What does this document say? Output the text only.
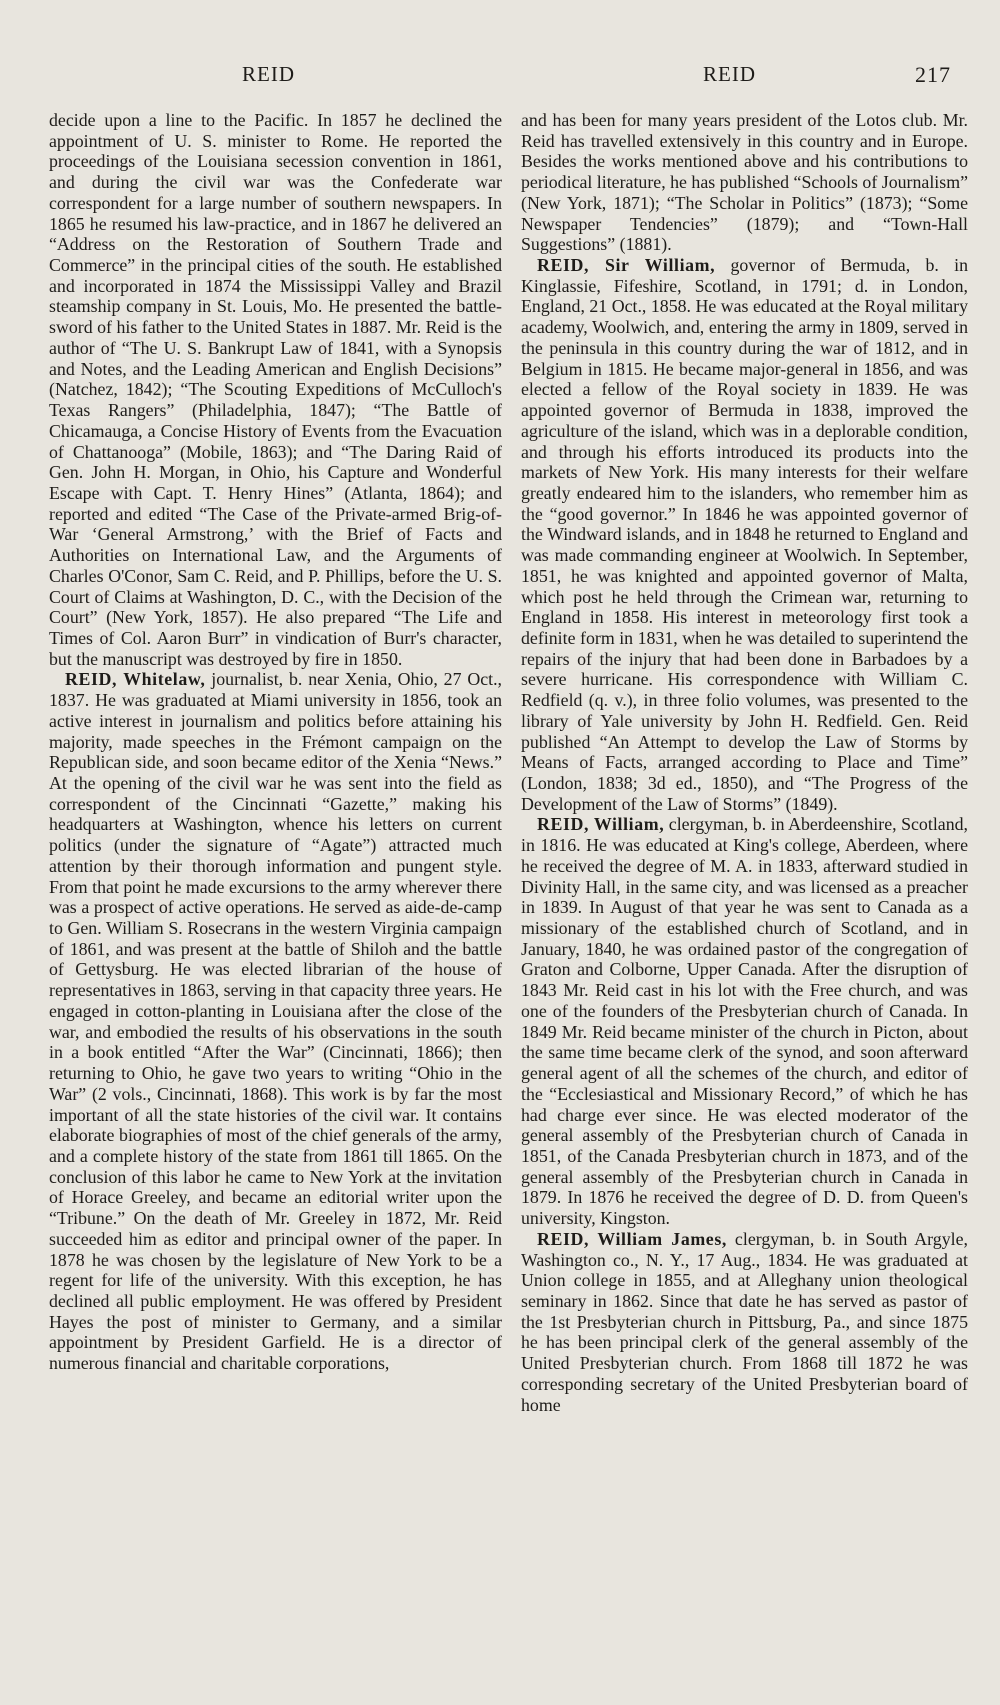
REID	REID	217

decide upon a line to the Pacific. In 1857 he declined the appointment of U. S. minister to Rome. He reported the proceedings of the Louisiana secession convention in 1861, and during the civil war was the Confederate war correspondent for a large number of southern newspapers. In 1865 he resumed his law-practice, and in 1867 he delivered an “Address on the Restoration of Southern Trade and Commerce” in the principal cities of the south. He established and incorporated in 1874 the Mississippi Valley and Brazil steamship company in St. Louis, Mo. He presented the battle-sword of his father to the United States in 1887. Mr. Reid is the author of “The U. S. Bankrupt Law of 1841, with a Synopsis and Notes, and the Leading American and English Decisions” (Natchez, 1842); “The Scouting Expeditions of McCulloch's Texas Rangers” (Philadelphia, 1847); “The Battle of Chicamauga, a Concise History of Events from the Evacuation of Chattanooga” (Mobile, 1863); and “The Daring Raid of Gen. John H. Morgan, in Ohio, his Capture and Wonderful Escape with Capt. T. Henry Hines” (Atlanta, 1864); and reported and edited “The Case of the Private-armed Brig-of-War ‘General Armstrong,’ with the Brief of Facts and Authorities on International Law, and the Arguments of Charles O'Conor, Sam C. Reid, and P. Phillips, before the U. S. Court of Claims at Washington, D. C., with the Decision of the Court” (New York, 1857). He also prepared “The Life and Times of Col. Aaron Burr” in vindication of Burr's character, but the manuscript was destroyed by fire in 1850.

REID, Whitelaw, journalist, b. near Xenia, Ohio, 27 Oct., 1837. He was graduated at Miami university in 1856, took an active interest in journalism and politics before attaining his majority, made speeches in the Frémont campaign on the Republican side, and soon became editor of the Xenia “News.” At the opening of the civil war he was sent into the field as correspondent of the Cincinnati “Gazette,” making his headquarters at Washington, whence his letters on current politics (under the signature of “Agate”) attracted much attention by their thorough information and pungent style. From that point he made excursions to the army wherever there was a prospect of active operations. He served as aide-de-camp to Gen. William S. Rosecrans in the western Virginia campaign of 1861, and was present at the battle of Shiloh and the battle of Gettysburg. He was elected librarian of the house of representatives in 1863, serving in that capacity three years. He engaged in cotton-planting in Louisiana after the close of the war, and embodied the results of his observations in the south in a book entitled “After the War” (Cincinnati, 1866); then returning to Ohio, he gave two years to writing “Ohio in the War” (2 vols., Cincinnati, 1868). This work is by far the most important of all the state histories of the civil war. It contains elaborate biographies of most of the chief generals of the army, and a complete history of the state from 1861 till 1865. On the conclusion of this labor he came to New York at the invitation of Horace Greeley, and became an editorial writer upon the “Tribune.” On the death of Mr. Greeley in 1872, Mr. Reid succeeded him as editor and principal owner of the paper. In 1878 he was chosen by the legislature of New York to be a regent for life of the university. With this exception, he has declined all public employment. He was offered by President Hayes the post of minister to Germany, and a similar appointment by President Garfield. He is a director of numerous financial and charitable corporations,

and has been for many years president of the Lotos club. Mr. Reid has travelled extensively in this country and in Europe. Besides the works mentioned above and his contributions to periodical literature, he has published “Schools of Journalism” (New York, 1871); “The Scholar in Politics” (1873); “Some Newspaper Tendencies” (1879); and “Town-Hall Suggestions” (1881).

REID, Sir William, governor of Bermuda, b. in Kinglassie, Fifeshire, Scotland, in 1791; d. in London, England, 21 Oct., 1858. He was educated at the Royal military academy, Woolwich, and, entering the army in 1809, served in the peninsula in this country during the war of 1812, and in Belgium in 1815. He became major-general in 1856, and was elected a fellow of the Royal society in 1839. He was appointed governor of Bermuda in 1838, improved the agriculture of the island, which was in a deplorable condition, and through his efforts introduced its products into the markets of New York. His many interests for their welfare greatly endeared him to the islanders, who remember him as the “good governor.” In 1846 he was appointed governor of the Windward islands, and in 1848 he returned to England and was made commanding engineer at Woolwich. In September, 1851, he was knighted and appointed governor of Malta, which post he held through the Crimean war, returning to England in 1858. His interest in meteorology first took a definite form in 1831, when he was detailed to superintend the repairs of the injury that had been done in Barbadoes by a severe hurricane. His correspondence with William C. Redfield (q. v.), in three folio volumes, was presented to the library of Yale university by John H. Redfield. Gen. Reid published “An Attempt to develop the Law of Storms by Means of Facts, arranged according to Place and Time” (London, 1838; 3d ed., 1850), and “The Progress of the Development of the Law of Storms” (1849).

REID, William, clergyman, b. in Aberdeenshire, Scotland, in 1816. He was educated at King's college, Aberdeen, where he received the degree of M. A. in 1833, afterward studied in Divinity Hall, in the same city, and was licensed as a preacher in 1839. In August of that year he was sent to Canada as a missionary of the established church of Scotland, and in January, 1840, he was ordained pastor of the congregation of Graton and Colborne, Upper Canada. After the disruption of 1843 Mr. Reid cast in his lot with the Free church, and was one of the founders of the Presbyterian church of Canada. In 1849 Mr. Reid became minister of the church in Picton, about the same time became clerk of the synod, and soon afterward general agent of all the schemes of the church, and editor of the “Ecclesiastical and Missionary Record,” of which he has had charge ever since. He was elected moderator of the general assembly of the Presbyterian church of Canada in 1851, of the Canada Presbyterian church in 1873, and of the general assembly of the Presbyterian church in Canada in 1879. In 1876 he received the degree of D. D. from Queen's university, Kingston.

REID, William James, clergyman, b. in South Argyle, Washington co., N. Y., 17 Aug., 1834. He was graduated at Union college in 1855, and at Alleghany union theological seminary in 1862. Since that date he has served as pastor of the 1st Presbyterian church in Pittsburg, Pa., and since 1875 he has been principal clerk of the general assembly of the United Presbyterian church. From 1868 till 1872 he was corresponding secretary of the United Presbyterian board of home
